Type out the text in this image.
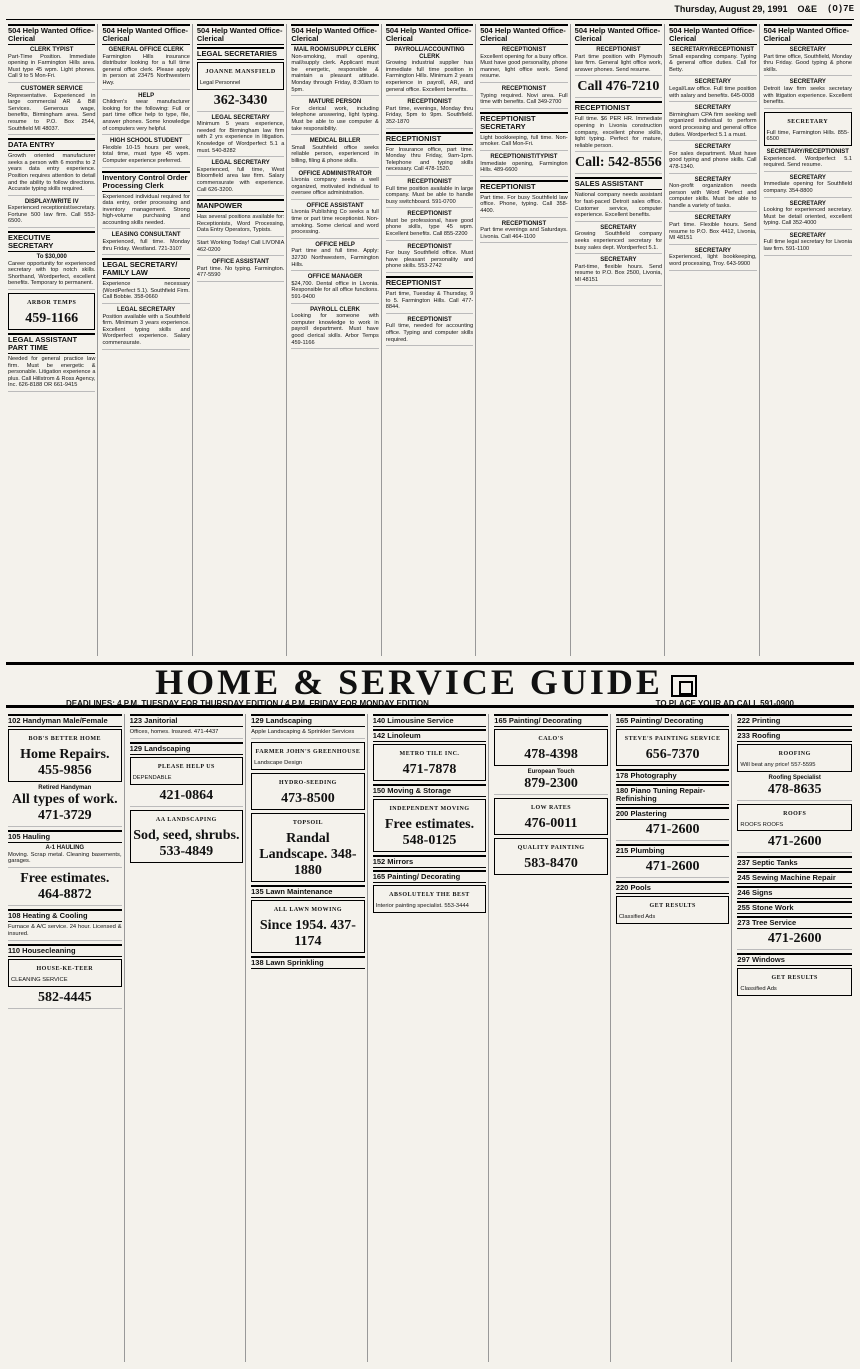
Thursday, August 29, 1991 O&E (O)7E
504 Help Wanted Office-Clerical
CLERK TYPIST
Part-Time Position. Immediate opening in Farmington Hills area. Must type 45 wpm. Light phones. Call 9 to 5 Mon-Fri.
CUSTOMER SERVICE
Representative. Experienced in large commercial AR & Bill Services. Generous wage, benefits, Birmingham area. Send resume to P.O. Box 2544, Southfield MI 48037.
DATA ENTRY
Growth oriented manufacturer seeks a person with 6 months to 2 years data entry experience. Position requires attention to detail and the ability to follow directions. Accurate typing skills required.
DISPLAY/WRITE IV
Experienced receptionist/secretary. Fortune 500 law firm. Call 553-6500.
EXECUTIVE SECRETARY
To $30,000
Career opportunity for experienced secretary with top notch skills. Shorthand, Wordperfect, excellent benefits. Temporary to permanent.
ARBOR TEMPS
459-1166
LEGAL ASSISTANT PART TIME
Needed for general practice law firm. Must be energetic & personable. Litigation experience a plus. Call Hillstrom & Ross Agency, Inc. 626-8188 OR 661-9415
504 Help Wanted Office-Clerical
GENERAL OFFICE CLERK
Farmington Hills insurance distributor looking for a full time general office clerk. Please apply in person at 23475 Northwestern Hwy.
HELP
Children's wear manufacturer looking for the following: Full or part time office help to type, file, answer phones. Some knowledge of computers very helpful.
HIGH SCHOOL STUDENT
Flexible 10-15 hours per week, total time, must type 45 wpm. Computer experience preferred.
Inventory Control Order Processing Clerk
Experienced individual required for data entry, order processing and inventory management. Strong high-volume purchasing and accounting skills needed.
LEASING CONSULTANT
Experienced, full time. Monday thru Friday. Westland. 721-3107
LEGAL SECRETARY/ FAMILY LAW
Experience necessary (WordPerfect 5.1). Southfield Firm. Call Bobbie. 358-0660
LEGAL SECRETARY
Position available with a Southfield firm. Minimum 3 years experience. Excellent typing skills and Wordperfect experience. Salary commensurate.
504 Help Wanted Office-Clerical
LEGAL SECRETARIES
JOANNE MANSFIELD
Legal Personnel
362-3430
LEGAL SECRETARY
Minimum 5 years experience, needed for Birmingham law firm with 2 yrs experience in litigation. Knowledge of Wordperfect 5.1 a must. 540-8282
LEGAL SECRETARY
Experienced, full time, West Bloomfield area law firm. Salary commensurate with experience. Call 626-3200.
MANPOWER
Has several positions available for: Receptionists, Word Processing, Data Entry Operators, Typists.
Start Working Today! Call LIVONIA 462-0200
OFFICE ASSISTANT
Part time. No typing. Farmington. 477-5590
504 Help Wanted Office-Clerical
MAIL ROOM/SUPPLY CLERK
Non-smoking, mail opening, mail/supply clerk. Applicant must be energetic, responsible & maintain a pleasant attitude. Monday through Friday, 8:30am to 5pm.
MATURE PERSON
For clerical work, including telephone answering, light typing. Must be able to use computer & take responsibility.
MEDICAL BILLER
Small Southfield office seeks reliable person, experienced in billing, filing & phone skills.
OFFICE ADMINISTRATOR
Livonia company seeks a well organized, motivated individual to oversee office administration.
OFFICE ASSISTANT
Livonia Publishing Co seeks a full time or part time receptionist. Non-smoking. Some clerical and word processing.
OFFICE HELP
Part time and full time. Apply: 32730 Northwestern, Farmington Hills.
OFFICE MANAGER
$24,700. Dental office in Livonia. Responsible for all office functions. 591-9400
PAYROLL CLERK
Looking for someone with computer knowledge to work in payroll department. Must have good clerical skills. Arbor Temps 459-1166
504 Help Wanted Office-Clerical
PAYROLL/ACCOUNTING CLERK
Growing industrial supplier has immediate full time position in Farmington Hills. Minimum 2 years experience in payroll, AR, and general office. Excellent benefits.
RECEPTIONIST
Part time, evenings, Monday thru Friday, 5pm to 9pm. Southfield. 352-1870
RECEPTIONIST
For Insurance office, part time. Monday thru Friday, 9am-1pm. Telephone and typing skills necessary. Call 478-1520.
RECEPTIONIST
Full time position available in large company. Must be able to handle busy switchboard. 591-0700
RECEPTIONIST
Must be professional, have good phone skills, type 45 wpm. Excellent benefits. Call 855-2200
RECEPTIONIST
For busy Southfield office. Must have pleasant personality and phone skills. 553-2742
RECEPTIONIST
Part time, Tuesday & Thursday, 9 to 5. Farmington Hills. Call 477-8844.
RECEPTIONIST
Full time, needed for accounting office. Typing and computer skills required.
504 Help Wanted Office-Clerical
RECEPTIONIST
Excellent opening for a busy office. Must have good personality, phone manner, light office work. Send resume.
RECEPTIONIST
Typing required. Novi area. Full time with benefits. Call 349-2700
RECEPTIONIST SECRETARY
Light bookkeeping, full time. Non-smoker. Call Mon-Fri.
RECEPTIONIST/TYPIST
Immediate opening, Farmington Hills. 489-6600
RECEPTIONIST
Part time. For busy Southfield law office. Phone, typing. Call 358-4400.
RECEPTIONIST
Part time evenings and Saturdays. Livonia. Call 464-1100
504 Help Wanted Office-Clerical
RECEPTIONIST
Part time position with Plymouth law firm. General light office work, answer phones. Send resume.
Call 476-7210
RECEPTIONIST
Full time. $6 PER HR. Immediate opening in Livonia construction company, excellent phone skills, light typing. Perfect for mature, reliable person.
Call: 542-8556
SALES ASSISTANT
National company needs assistant for fast-paced Detroit sales office. Customer service, computer experience. Excellent benefits.
SECRETARY
Growing Southfield company seeks experienced secretary for busy sales dept. Wordperfect 5.1.
SECRETARY
Part-time, flexible hours. Send resume to P.O. Box 2500, Livonia, MI 48151
504 Help Wanted Office-Clerical
SECRETARY/RECEPTIONIST
Small expanding company. Typing & general office duties. Call for Betty.
SECRETARY
Legal/Law office. Full time position with salary and benefits. 645-0008
SECRETARY
Birmingham CPA firm seeking well organized individual to perform word processing and general office duties. Wordperfect 5.1 a must.
SECRETARY
For sales department. Must have good typing and phone skills. Call 478-1340.
SECRETARY
Non-profit organization needs person with Word Perfect and computer skills. Must be able to handle a variety of tasks.
SECRETARY
Part time. Flexible hours. Send resume to P.O. Box 4412, Livonia, MI 48151
SECRETARY
Experienced, light bookkeeping, word processing, Troy. 643-9900
504 Help Wanted Office-Clerical
SECRETARY
Part time office, Southfield, Monday thru Friday. Good typing & phone skills.
SECRETARY
Detroit law firm seeks secretary with litigation experience. Excellent benefits.
SECRETARY
Full time, Farmington Hills. 855-6500
SECRETARY/RECEPTIONIST
Experienced. Wordperfect 5.1 required. Send resume.
SECRETARY
Immediate opening for Southfield company. 354-8800
SECRETARY
Looking for experienced secretary. Must be detail oriented, excellent typing. Call 352-4000
SECRETARY
Full time legal secretary for Livonia law firm. 591-1100
HOME & SERVICE GUIDE
DEADLINES: 4 P.M. TUESDAY FOR THURSDAY EDITION / 4 P.M. FRIDAY FOR MONDAY EDITION	TO PLACE YOUR AD CALL 591-0900
102 Handyman Male/Female
BOB'S BETTER HOME
Home Repairs. 455-9856
Retired Handyman
All types of work. 471-3729
105 Hauling
A-1 HAULING
Moving. Scrap metal. Cleaning basements, garages.
Free estimates. 464-8872
108 Heating & Cooling
Furnace & A/C service. 24 hour. Licensed & insured.
110 Housecleaning
HOUSE-KE-TEER
CLEANING SERVICE
582-4445
123 Janitorial
Offices, homes. Insured. 471-4437
129 Landscaping
PLEASE HELP US
DEPENDABLE
421-0864
AA LANDSCAPING
Sod, seed, shrubs. 533-4849
129 Landscaping
Apple Landscaping & Sprinkler Services
FARMER JOHN'S GREENHOUSE
Landscape Design
HYDRO-SEEDING
473-8500
TOPSOIL
Randal Landscape. 348-1880
135 Lawn Maintenance
ALL LAWN MOWING
Since 1954. 437-1174
138 Lawn Sprinkling
140 Limousine Service
142 Linoleum
METRO TILE INC.
471-7878
150 Moving & Storage
INDEPENDENT MOVING
Free estimates. 548-0125
152 Mirrors
165 Painting/ Decorating
ABSOLUTELY THE BEST
Interior painting specialist. 553-3444
165 Painting/ Decorating
CALO'S
478-4398
European Touch
879-2300
LOW RATES
476-0011
QUALITY PAINTING
583-8470
165 Painting/ Decorating
STEVE'S PAINTING SERVICE
656-7370
178 Photography
180 Piano Tuning Repair-Refinishing
200 Plastering
471-2600
215 Plumbing
471-2600
220 Pools
GET RESULTS
Classified Ads
222 Printing
233 Roofing
ROOFING
Will beat any price! 557-5595
Roofing Specialist
478-8635
ROOFS
ROOFS ROOFS
471-2600
237 Septic Tanks
245 Sewing Machine Repair
246 Signs
255 Stone Work
273 Tree Service
471-2600
297 Windows
GET RESULTS
Classified Ads
